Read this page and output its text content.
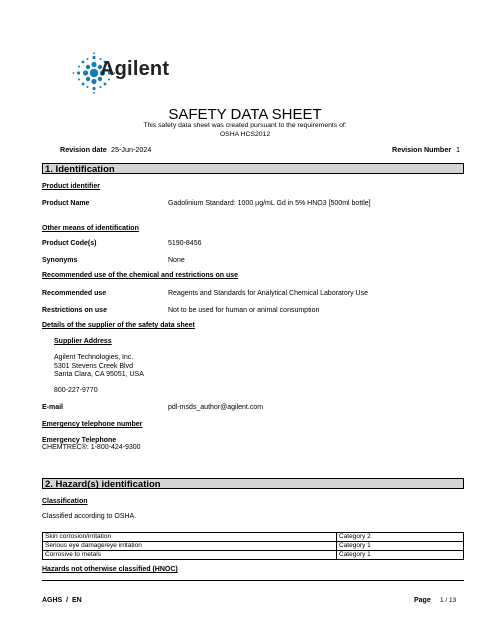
Agilent
SAFETY DATA SHEET
This safety data sheet was created pursuant to the requirements of:
OSHA HCS2012
Revision date 25-Jun-2024	Revision Number 1
1. Identification
Product identifier
Product Name	Gadolinium Standard: 1000 µg/mL Gd in 5% HNO3 [500ml bottle]
Other means of identification
Product Code(s)	5190-8456
Synonyms	None
Recommended use of the chemical and restrictions on use
Recommended use	Reagents and Standards for Analytical Chemical Laboratory Use
Restrictions on use	Not to be used for human or animal consumption
Details of the supplier of the safety data sheet
Supplier Address
Agilent Technologies, Inc.
5301 Stevens Creek Blvd
Santa Clara, CA 95051, USA
800-227-9770
E-mail	pdl-msds_author@agilent.com
Emergency telephone number
Emergency Telephone
CHEMTREC®: 1-800-424-9300
2. Hazard(s) identification
Classification
Classified according to OSHA.
Skin corrosion/irritation	Category 2
Serious eye damage/eye irritation	Category 1
Corrosive to metals	Category 1
Hazards not otherwise classified (HNOC)
AGHS  /  EN	Page 1 / 13
